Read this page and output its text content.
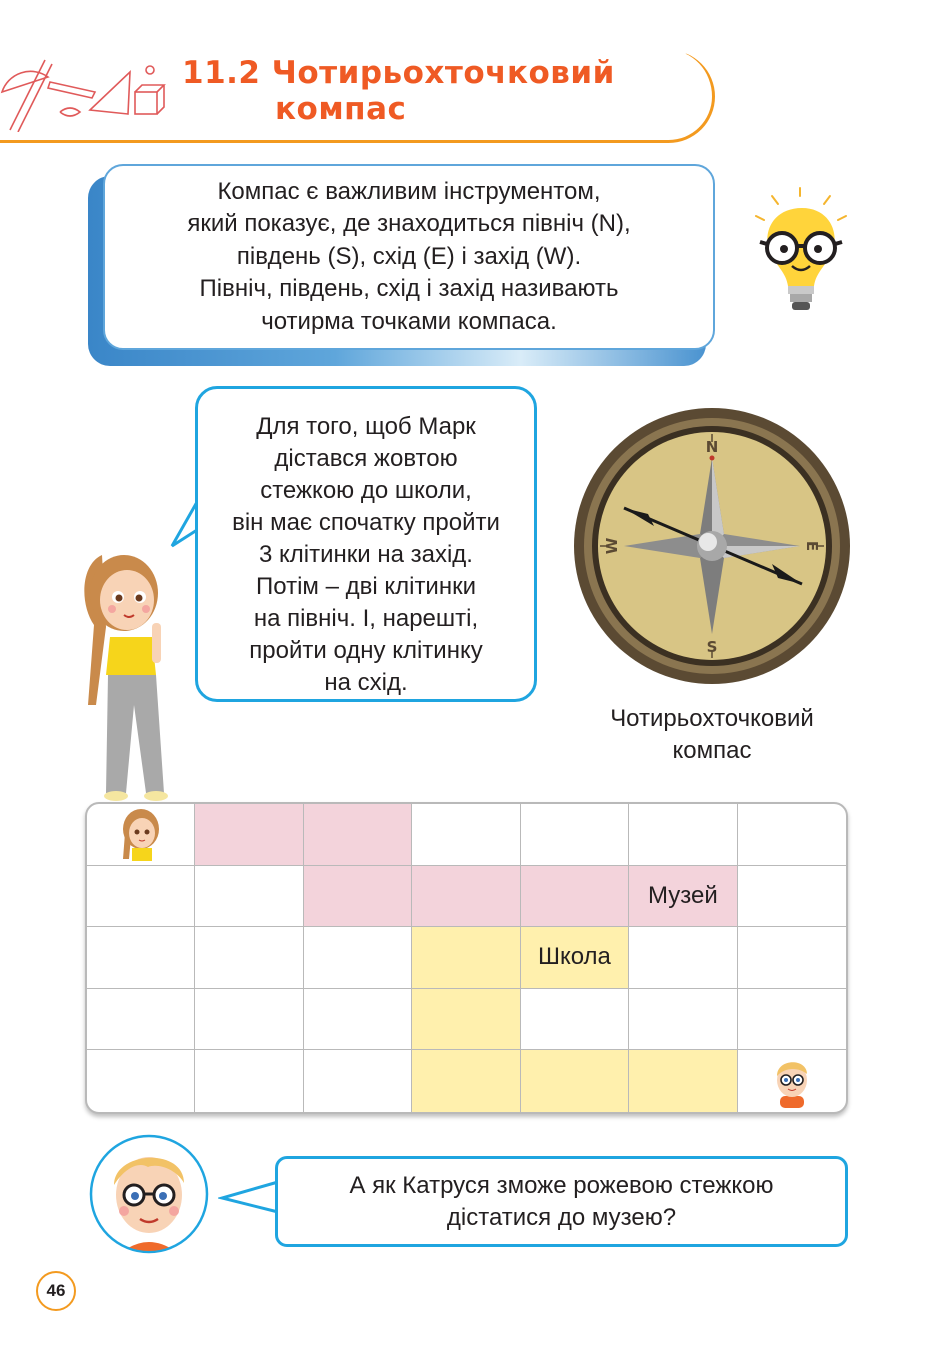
11.2 Чотирьохточковий
компас

Компас є важливим інструментом,
який показує, де знаходиться північ (N),
південь (S), схід (E) і захід (W).
Північ, південь, схід і захід називають
чотирма точками компаса.

Для того, щоб Марк
дістався жовтою
стежкою до школи,
він має спочатку пройти
3 клітинки на захід.
Потім – дві клітинки
на північ. І, нарешті,
пройти одну клітинку
на схід.
N
S
W	E
Чотирьохточковий
компас
Музей
Школа
А як Катруся зможе рожевою стежкою
дістатися до музею?
46
